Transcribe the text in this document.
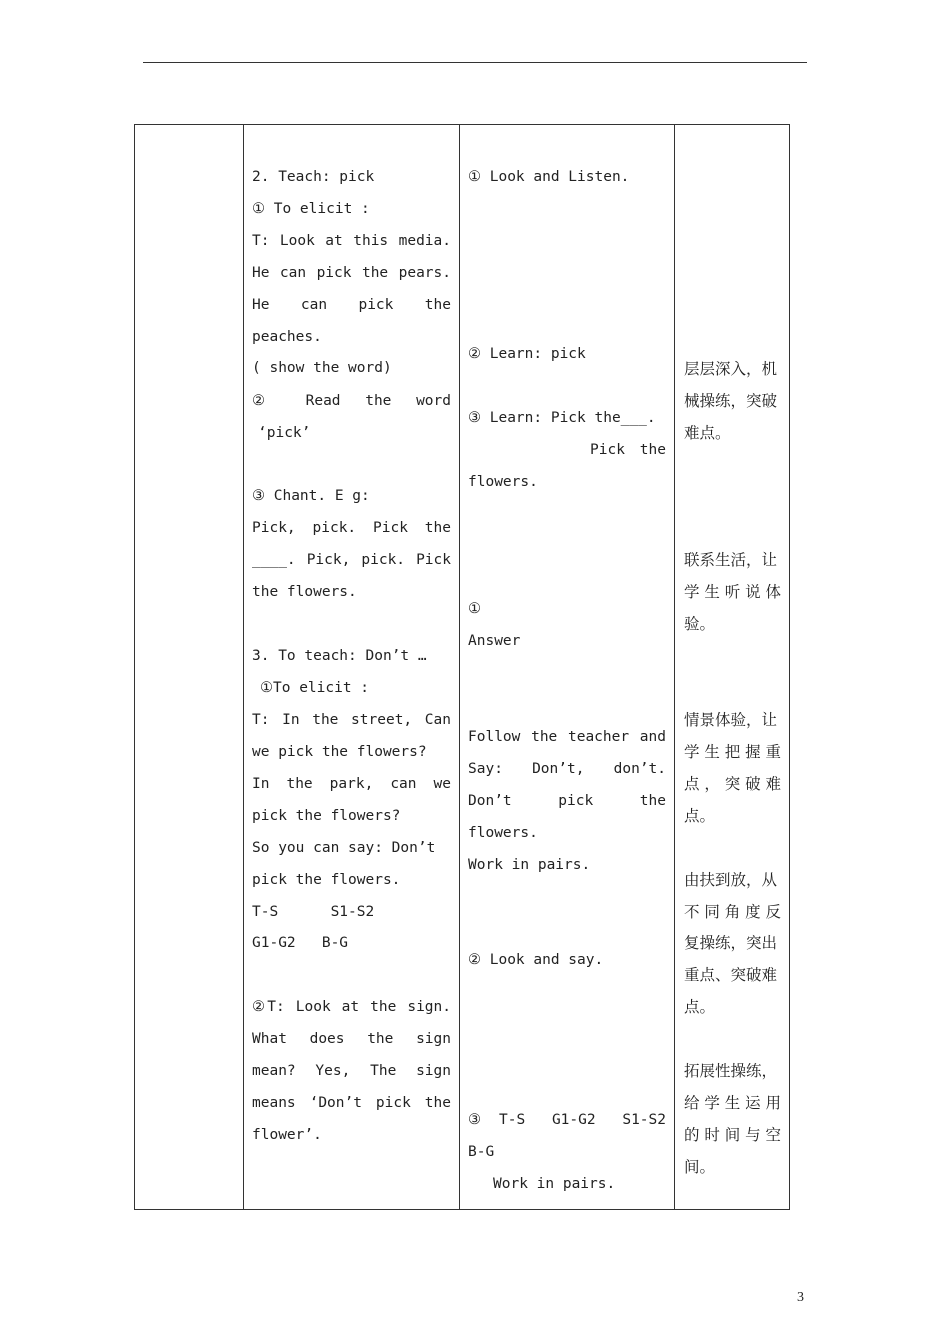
2. Teach: pick
① To elicit :
T: Look at this media.
He can pick the pears.
He can pick the
peaches.
( show the word)
② Read the word
‘pick’
③ Chant. E g:
Pick, pick. Pick the
____. Pick, pick. Pick
the flowers.
3. To teach: Don’t …
①To elicit :
T: In the street, Can
we pick the flowers?
In the park, can we
pick the flowers?
So you can say: Don’t
pick the flowers.
T-S      S1-S2
G1-G2   B-G
②T: Look at the sign.
What does the sign
mean? Yes, The sign
means ‘Don’t pick the
flower’.
① Look and Listen.
② Learn: pick
③ Learn: Pick the___.
Pick the
flowers.
①
Answer
Follow the teacher and
Say: Don’t, don’t.
Don’t pick the
flowers.
Work in pairs.
② Look and say.
③T-S G1-G2 S1-S2
B-G
Work in pairs.
层层深入，机
械操练，突破
难点。
联系生活，让
学生听说体
验。
情景体验，让
学生把握重
点，突破难
点。
由扶到放，从
不同角度反
复操练，突出
重点、突破难
点。
拓展性操练，
给学生运用
的时间与空
间。
3
